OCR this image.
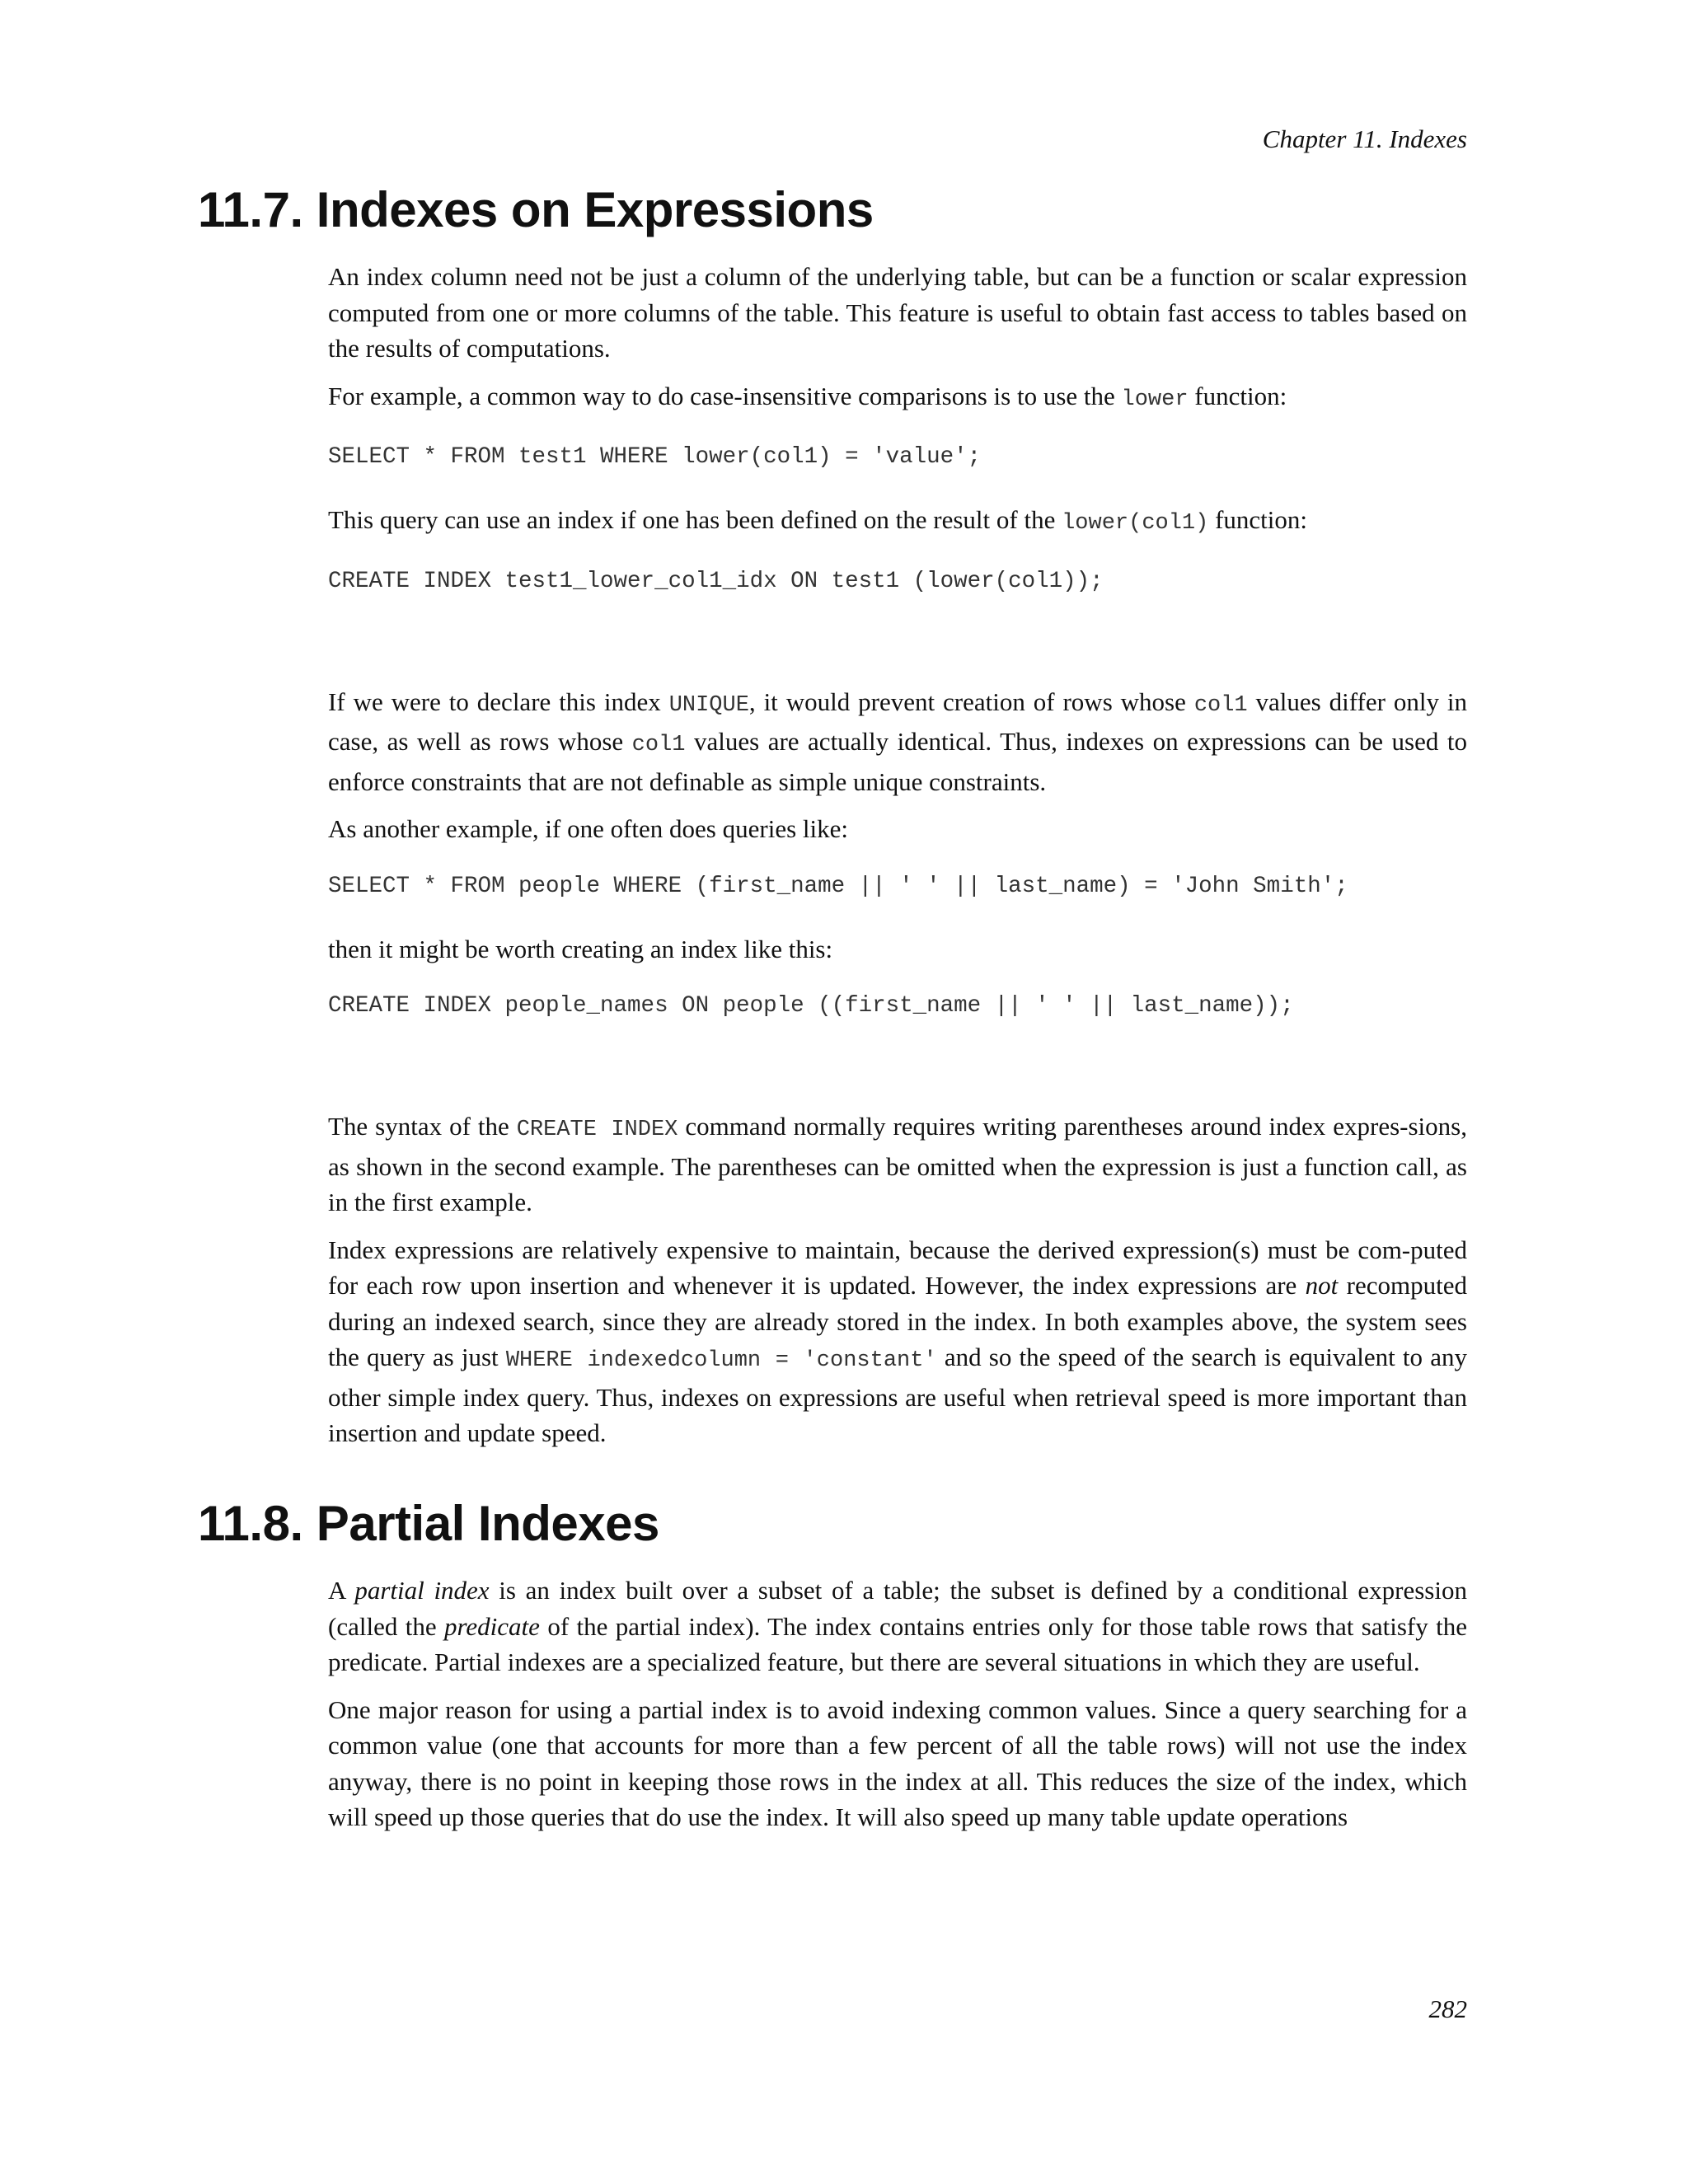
Chapter 11. Indexes
11.7. Indexes on Expressions

An index column need not be just a column of the underlying table, but can be a function or scalar expression computed from one or more columns of the table. This feature is useful to obtain fast access to tables based on the results of computations.

For example, a common way to do case-insensitive comparisons is to use the lower function:

SELECT * FROM test1 WHERE lower(col1) = 'value';

This query can use an index if one has been defined on the result of the lower(col1) function:

CREATE INDEX test1_lower_col1_idx ON test1 (lower(col1));

If we were to declare this index UNIQUE, it would prevent creation of rows whose col1 values differ only in case, as well as rows whose col1 values are actually identical. Thus, indexes on expressions can be used to enforce constraints that are not definable as simple unique constraints.

As another example, if one often does queries like:

SELECT * FROM people WHERE (first_name || ' ' || last_name) = 'John Smith';

then it might be worth creating an index like this:

CREATE INDEX people_names ON people ((first_name || ' ' || last_name));

The syntax of the CREATE INDEX command normally requires writing parentheses around index expres-sions, as shown in the second example. The parentheses can be omitted when the expression is just a function call, as in the first example.

Index expressions are relatively expensive to maintain, because the derived expression(s) must be com-puted for each row upon insertion and whenever it is updated. However, the index expressions are not recomputed during an indexed search, since they are already stored in the index. In both examples above, the system sees the query as just WHERE indexedcolumn = 'constant' and so the speed of the search is equivalent to any other simple index query. Thus, indexes on expressions are useful when retrieval speed is more important than insertion and update speed.

11.8. Partial Indexes

A partial index is an index built over a subset of a table; the subset is defined by a conditional expression (called the predicate of the partial index). The index contains entries only for those table rows that satisfy the predicate. Partial indexes are a specialized feature, but there are several situations in which they are useful.

One major reason for using a partial index is to avoid indexing common values. Since a query searching for a common value (one that accounts for more than a few percent of all the table rows) will not use the index anyway, there is no point in keeping those rows in the index at all. This reduces the size of the index, which will speed up those queries that do use the index. It will also speed up many table update operations

282
